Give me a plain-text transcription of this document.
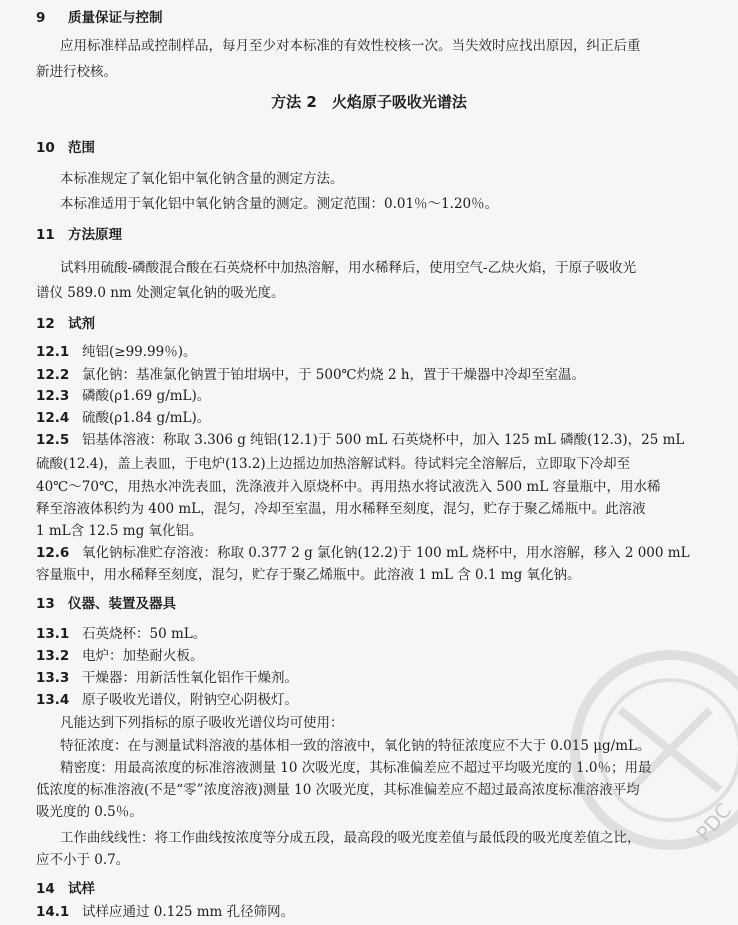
9 质量保证与控制
应用标准样品或控制样品，每月至少对本标准的有效性校核一次。当失效时应找出原因，纠正后重
新进行校核。
方法 2　火焰原子吸收光谱法
10 范围
本标准规定了氧化铝中氧化钠含量的测定方法。
本标准适用于氧化铝中氧化钠含量的测定。测定范围：0.01％～1.20％。
11 方法原理
试料用硫酸-磷酸混合酸在石英烧杯中加热溶解，用水稀释后，使用空气-乙炔火焰，于原子吸收光
谱仪 589.0 nm 处测定氧化钠的吸光度。
12 试剂
12.1 纯铝(≥99.99％)。
12.2 氯化钠：基准氯化钠置于铂坩埚中，于 500℃灼烧 2 h，置于干燥器中冷却至室温。
12.3 磷酸(ρ1.69 g/mL)。
12.4 硫酸(ρ1.84 g/mL)。
12.5 铝基体溶液：称取 3.306 g 纯铝(12.1)于 500 mL 石英烧杯中，加入 125 mL 磷酸(12.3)，25 mL
硫酸(12.4)，盖上表皿，于电炉(13.2)上边摇边加热溶解试料。待试料完全溶解后，立即取下冷却至
40℃～70℃，用热水冲洗表皿，洗涤液并入原烧杯中。再用热水将试液洗入 500 mL 容量瓶中，用水稀
释至溶液体积约为 400 mL，混匀，冷却至室温，用水稀释至刻度，混匀，贮存于聚乙烯瓶中。此溶液
1 mL含 12.5 mg 氧化铝。
12.6 氧化钠标准贮存溶液：称取 0.377 2 g 氯化钠(12.2)于 100 mL 烧杯中，用水溶解，移入 2 000 mL
容量瓶中，用水稀释至刻度，混匀，贮存于聚乙烯瓶中。此溶液 1 mL 含 0.1 mg 氧化钠。
13 仪器、装置及器具
13.1 石英烧杯：50 mL。
13.2 电炉：加垫耐火板。
13.3 干燥器：用新活性氧化铝作干燥剂。
13.4 原子吸收光谱仪，附钠空心阴极灯。
凡能达到下列指标的原子吸收光谱仪均可使用：
特征浓度：在与测量试料溶液的基体相一致的溶液中，氧化钠的特征浓度应不大于 0.015 μg/mL。
精密度：用最高浓度的标准溶液测量 10 次吸光度，其标准偏差应不超过平均吸光度的 1.0％；用最
低浓度的标准溶液(不是“零”浓度溶液)测量 10 次吸光度，其标准偏差应不超过最高浓度标准溶液平均
吸光度的 0.5％。
工作曲线线性：将工作曲线按浓度等分成五段，最高段的吸光度差值与最低段的吸光度差值之比，
应不小于 0.7。
14 试样
14.1 试样应通过 0.125 mm 孔径筛网。
PDC
